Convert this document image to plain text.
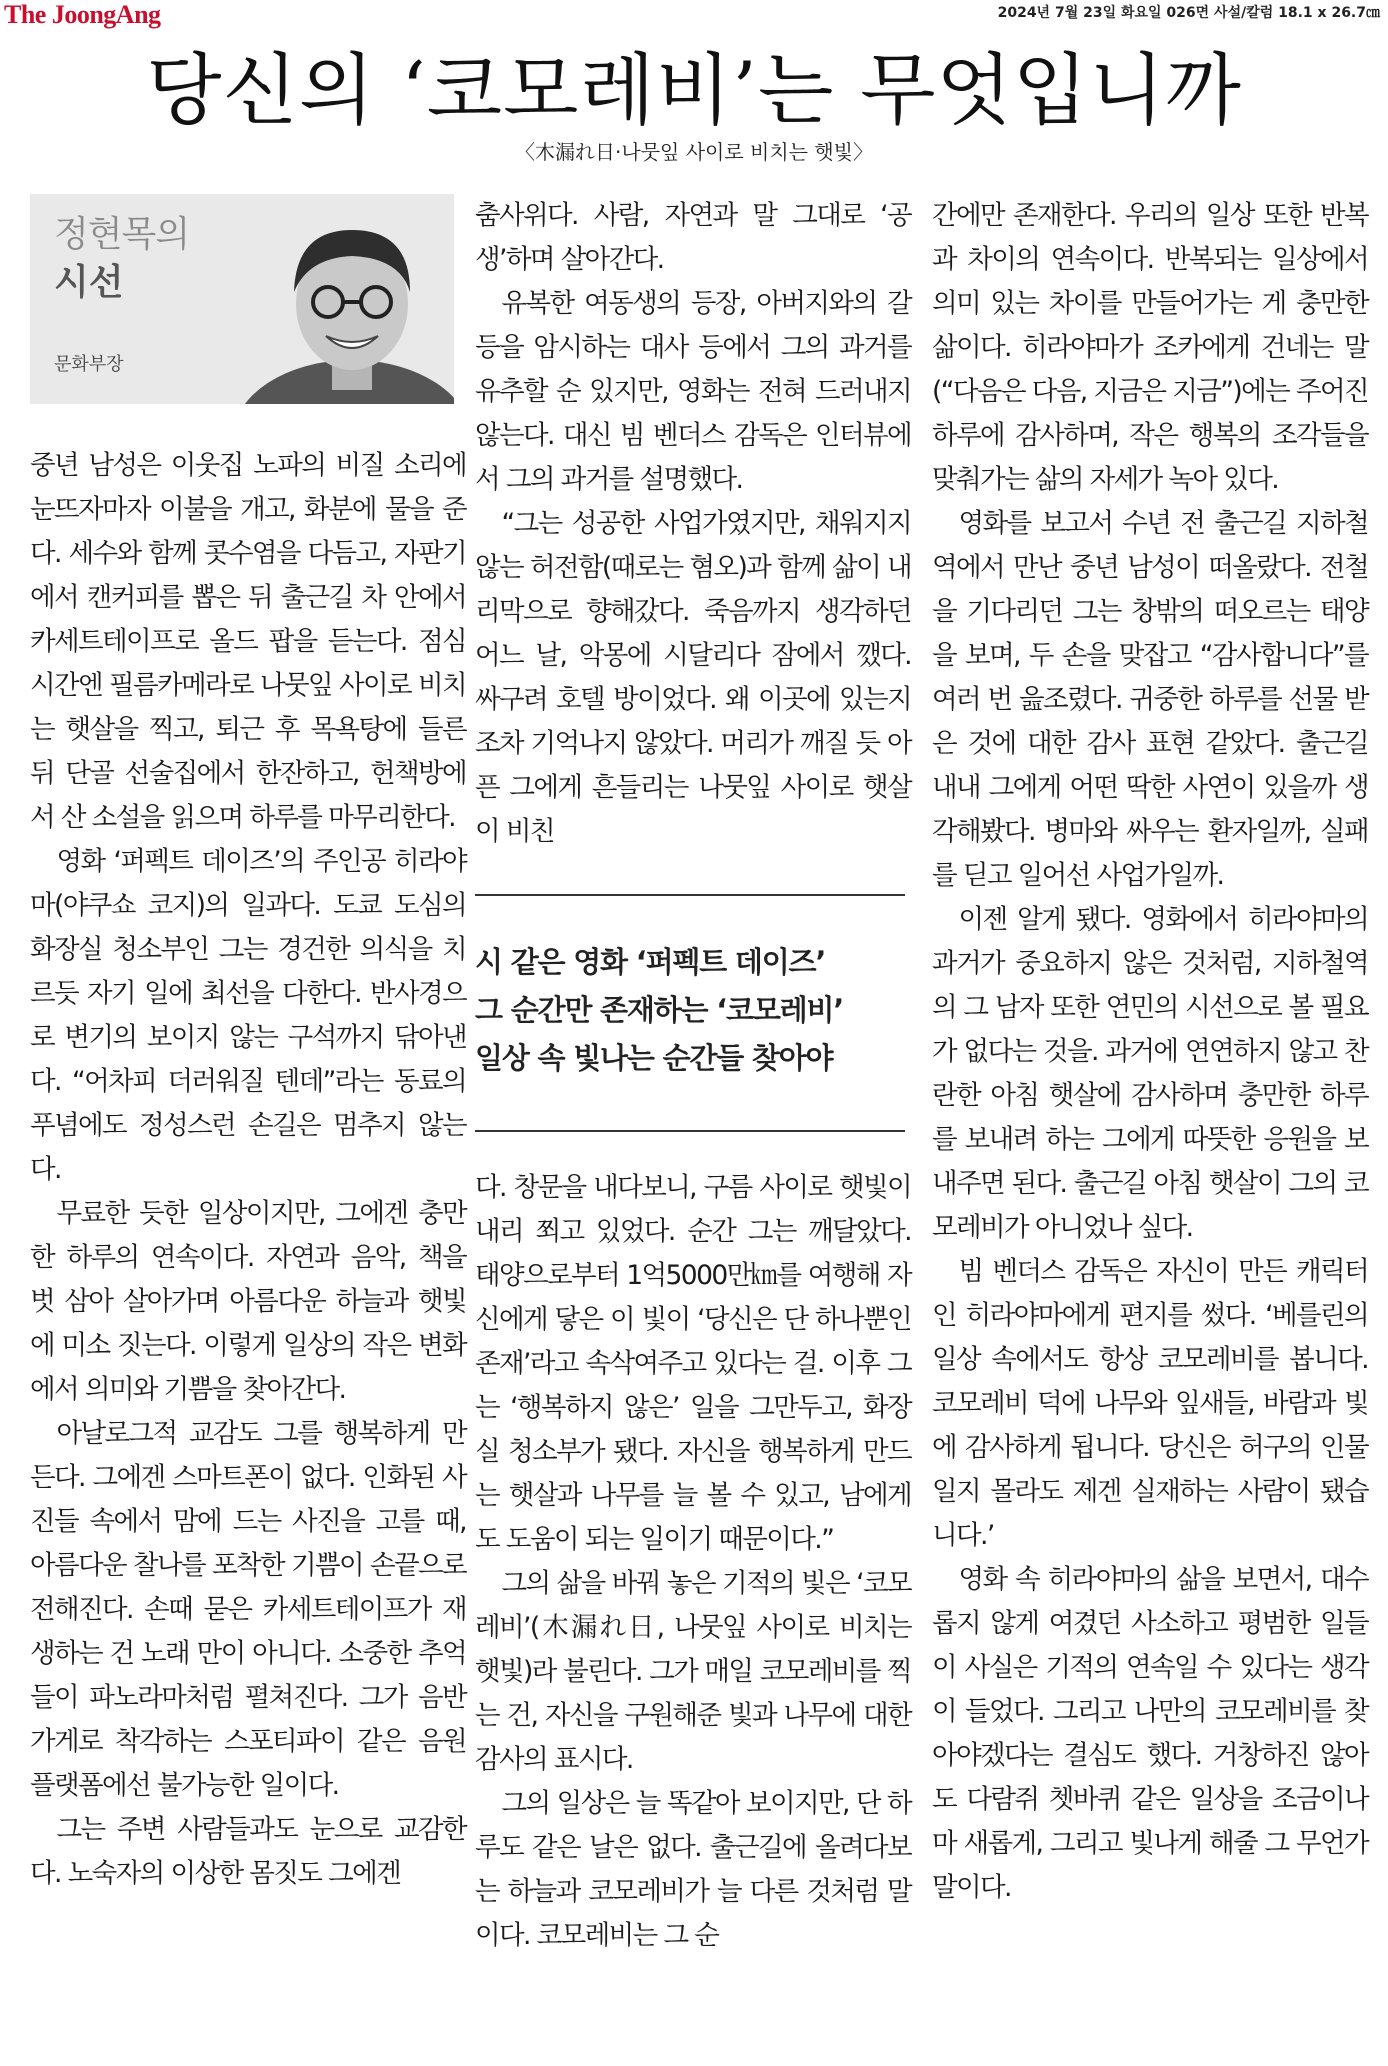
The JoongAng	2024년 7월 23일 화요일 026면 사설/칼럼 18.1 x 26.7㎝
당신의 ‘코모레비’는 무엇입니까
〈木漏れ日·나뭇잎 사이로 비치는 햇빛〉
정현목의
시선
문화부장

중년 남성은 이웃집 노파의 비질 소리에 눈뜨자마자 이불을 개고, 화분에 물을 준다. 세수와 함께 콧수염을 다듬고, 자판기에서 캔커피를 뽑은 뒤 출근길 차 안에서 카세트테이프로 올드 팝을 듣는다. 점심시간엔 필름카메라로 나뭇잎 사이로 비치는 햇살을 찍고, 퇴근 후 목욕탕에 들른 뒤 단골 선술집에서 한잔하고, 헌책방에서 산 소설을 읽으며 하루를 마무리한다.

영화 ‘퍼펙트 데이즈’의 주인공 히라야마(야쿠쇼 코지)의 일과다. 도쿄 도심의 화장실 청소부인 그는 경건한 의식을 치르듯 자기 일에 최선을 다한다. 반사경으로 변기의 보이지 않는 구석까지 닦아낸다. “어차피 더러워질 텐데”라는 동료의 푸념에도 정성스런 손길은 멈추지 않는다.

무료한 듯한 일상이지만, 그에겐 충만한 하루의 연속이다. 자연과 음악, 책을 벗 삼아 살아가며 아름다운 하늘과 햇빛에 미소 짓는다. 이렇게 일상의 작은 변화에서 의미와 기쁨을 찾아간다.

아날로그적 교감도 그를 행복하게 만든다. 그에겐 스마트폰이 없다. 인화된 사진들 속에서 맘에 드는 사진을 고를 때, 아름다운 찰나를 포착한 기쁨이 손끝으로 전해진다. 손때 묻은 카세트테이프가 재생하는 건 노래 만이 아니다. 소중한 추억들이 파노라마처럼 펼쳐진다. 그가 음반가게로 착각하는 스포티파이 같은 음원 플랫폼에선 불가능한 일이다.

그는 주변 사람들과도 눈으로 교감한다. 노숙자의 이상한 몸짓도 그에겐

춤사위다. 사람, 자연과 말 그대로 ‘공생’하며 살아간다.

유복한 여동생의 등장, 아버지와의 갈등을 암시하는 대사 등에서 그의 과거를 유추할 순 있지만, 영화는 전혀 드러내지 않는다. 대신 빔 벤더스 감독은 인터뷰에서 그의 과거를 설명했다.

“그는 성공한 사업가였지만, 채워지지 않는 허전함(때로는 혐오)과 함께 삶이 내리막으로 향해갔다. 죽음까지 생각하던 어느 날, 악몽에 시달리다 잠에서 깼다. 싸구려 호텔 방이었다. 왜 이곳에 있는지조차 기억나지 않았다. 머리가 깨질 듯 아픈 그에게 흔들리는 나뭇잎 사이로 햇살이 비친

시 같은 영화 ‘퍼펙트 데이즈’
그 순간만 존재하는 ‘코모레비’
일상 속 빛나는 순간들 찾아야

다. 창문을 내다보니, 구름 사이로 햇빛이 내리 쬐고 있었다. 순간 그는 깨달았다. 태양으로부터 1억5000만㎞를 여행해 자신에게 닿은 이 빛이 ‘당신은 단 하나뿐인 존재’라고 속삭여주고 있다는 걸. 이후 그는 ‘행복하지 않은’ 일을 그만두고, 화장실 청소부가 됐다. 자신을 행복하게 만드는 햇살과 나무를 늘 볼 수 있고, 남에게도 도움이 되는 일이기 때문이다.”

그의 삶을 바꿔 놓은 기적의 빛은 ‘코모레비’(木漏れ日, 나뭇잎 사이로 비치는 햇빛)라 불린다. 그가 매일 코모레비를 찍는 건, 자신을 구원해준 빛과 나무에 대한 감사의 표시다.

그의 일상은 늘 똑같아 보이지만, 단 하루도 같은 날은 없다. 출근길에 올려다보는 하늘과 코모레비가 늘 다른 것처럼 말이다. 코모레비는 그 순

간에만 존재한다. 우리의 일상 또한 반복과 차이의 연속이다. 반복되는 일상에서 의미 있는 차이를 만들어가는 게 충만한 삶이다. 히라야마가 조카에게 건네는 말(“다음은 다음, 지금은 지금”)에는 주어진 하루에 감사하며, 작은 행복의 조각들을 맞춰가는 삶의 자세가 녹아 있다.

영화를 보고서 수년 전 출근길 지하철역에서 만난 중년 남성이 떠올랐다. 전철을 기다리던 그는 창밖의 떠오르는 태양을 보며, 두 손을 맞잡고 “감사합니다”를 여러 번 읊조렸다. 귀중한 하루를 선물 받은 것에 대한 감사 표현 같았다. 출근길 내내 그에게 어떤 딱한 사연이 있을까 생각해봤다. 병마와 싸우는 환자일까, 실패를 딛고 일어선 사업가일까.

이젠 알게 됐다. 영화에서 히라야마의 과거가 중요하지 않은 것처럼, 지하철역의 그 남자 또한 연민의 시선으로 볼 필요가 없다는 것을. 과거에 연연하지 않고 찬란한 아침 햇살에 감사하며 충만한 하루를 보내려 하는 그에게 따뜻한 응원을 보내주면 된다. 출근길 아침 햇살이 그의 코모레비가 아니었나 싶다.

빔 벤더스 감독은 자신이 만든 캐릭터인 히라야마에게 편지를 썼다. ‘베를린의 일상 속에서도 항상 코모레비를 봅니다. 코모레비 덕에 나무와 잎새들, 바람과 빛에 감사하게 됩니다. 당신은 허구의 인물일지 몰라도 제겐 실재하는 사람이 됐습니다.’

영화 속 히라야마의 삶을 보면서, 대수롭지 않게 여겼던 사소하고 평범한 일들이 사실은 기적의 연속일 수 있다는 생각이 들었다. 그리고 나만의 코모레비를 찾아야겠다는 결심도 했다. 거창하진 않아도 다람쥐 쳇바퀴 같은 일상을 조금이나마 새롭게, 그리고 빛나게 해줄 그 무언가 말이다.
